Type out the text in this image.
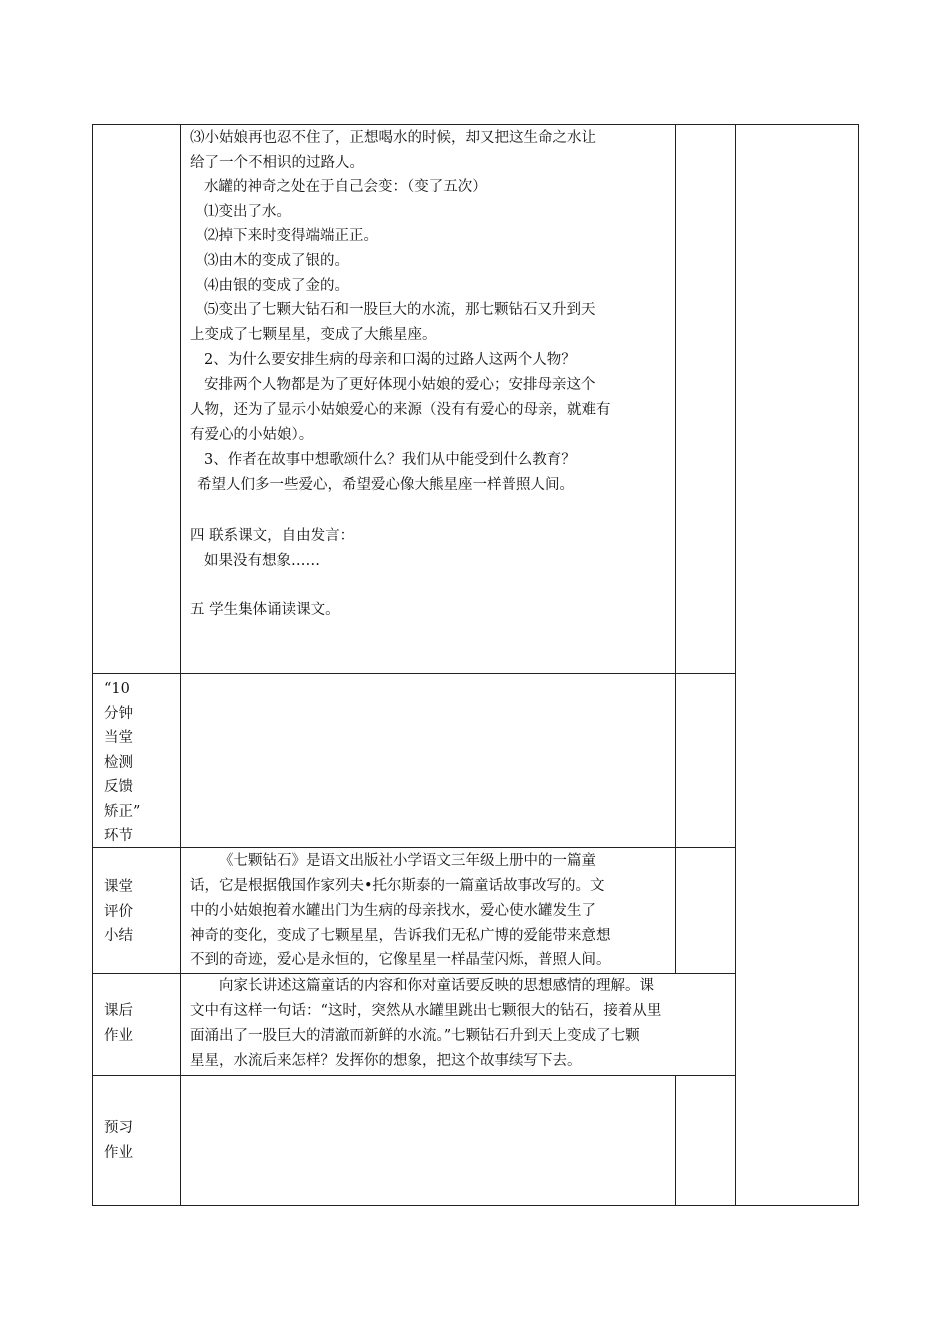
⑶小姑娘再也忍不住了，正想喝水的时候，却又把这生命之水让
给了一个不相识的过路人。
水罐的神奇之处在于自己会变：（变了五次）
⑴变出了水。
⑵掉下来时变得端端正正。
⑶由木的变成了银的。
⑷由银的变成了金的。
⑸变出了七颗大钻石和一股巨大的水流，那七颗钻石又升到天
上变成了七颗星星，变成了大熊星座。
2、为什么要安排生病的母亲和口渴的过路人这两个人物？
安排两个人物都是为了更好体现小姑娘的爱心；安排母亲这个
人物，还为了显示小姑娘爱心的来源（没有有爱心的母亲，就难有
有爱心的小姑娘）。
3、作者在故事中想歌颂什么？我们从中能受到什么教育？
希望人们多一些爱心，希望爱心像大熊星座一样普照人间。
四 联系课文，自由发言：
如果没有想象……
五 学生集体诵读课文。
“10
分钟
当堂
检测
反馈
矫正”
环节
课堂
评价
小结
《七颗钻石》是语文出版社小学语文三年级上册中的一篇童
话，它是根据俄国作家列夫•托尔斯泰的一篇童话故事改写的。文
中的小姑娘抱着水罐出门为生病的母亲找水，爱心使水罐发生了
神奇的变化，变成了七颗星星，告诉我们无私广博的爱能带来意想
不到的奇迹，爱心是永恒的，它像星星一样晶莹闪烁，普照人间。
课后
作业
向家长讲述这篇童话的内容和你对童话要反映的思想感情的理解。课
文中有这样一句话：“这时，突然从水罐里跳出七颗很大的钻石，接着从里
面涌出了一股巨大的清澈而新鲜的水流。”七颗钻石升到天上变成了七颗
星星，水流后来怎样？发挥你的想象，把这个故事续写下去。
预习
作业
